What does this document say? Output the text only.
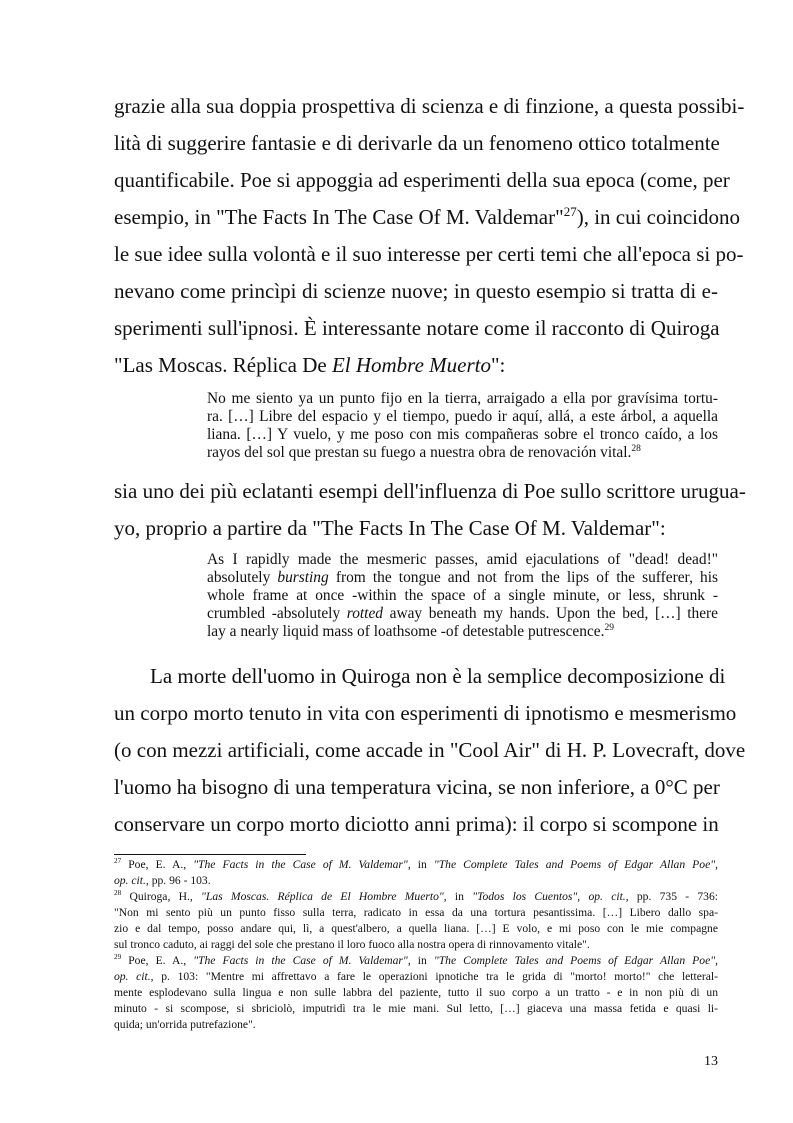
grazie alla sua doppia prospettiva di scienza e di finzione, a questa possibi-
lità di suggerire fantasie e di derivarle da un fenomeno ottico totalmente
quantificabile. Poe si appoggia ad esperimenti della sua epoca (come, per
esempio, in "The Facts In The Case Of M. Valdemar"$^{27}$), in cui coincidono
le sue idee sulla volontà e il suo interesse per certi temi che all'epoca si po-
nevano come princìpi di scienze nuove; in questo esempio si tratta di e-
sperimenti sull'ipnosi. È interessante notare come il racconto di Quiroga
"Las Moscas. Réplica De El Hombre Muerto":
No me siento ya un punto fijo en la tierra, arraigado a ella por gravísima tortu-
ra. […] Libre del espacio y el tiempo, puedo ir aquí, allá, a este árbol, a aquella
liana. […] Y vuelo, y me poso con mis compañeras sobre el tronco caído, a los
rayos del sol que prestan su fuego a nuestra obra de renovación vital.$^{28}$
sia uno dei più eclatanti esempi dell'influenza di Poe sullo scrittore urugua-
yo, proprio a partire da "The Facts In The Case Of M. Valdemar":
As I rapidly made the mesmeric passes, amid ejaculations of "dead! dead!"
absolutely bursting from the tongue and not from the lips of the sufferer, his
whole frame at once -within the space of a single minute, or less, shrunk -
crumbled -absolutely rotted away beneath my hands. Upon the bed, […] there
lay a nearly liquid mass of loathsome -of detestable putrescence.$^{29}$
La morte dell'uomo in Quiroga non è la semplice decomposizione di
un corpo morto tenuto in vita con esperimenti di ipnotismo e mesmerismo
(o con mezzi artificiali, come accade in "Cool Air" di H. P. Lovecraft, dove
l'uomo ha bisogno di una temperatura vicina, se non inferiore, a 0°C per
conservare un corpo morto diciotto anni prima): il corpo si scompone in
$^{27}$ Poe, E. A., "The Facts in the Case of M. Valdemar", in "The Complete Tales and Poems of Edgar Allan Poe",
op. cit., pp. 96 - 103.
$^{28}$ Quiroga, H., "Las Moscas. Réplica de El Hombre Muerto", in "Todos los Cuentos", op. cit., pp. 735 - 736:
"Non mi sento più un punto fisso sulla terra, radicato in essa da una tortura pesantissima. […] Libero dallo spa-
zio e dal tempo, posso andare qui, lì, a quest'albero, a quella liana. […] E volo, e mi poso con le mie compagne
sul tronco caduto, ai raggi del sole che prestano il loro fuoco alla nostra opera di rinnovamento vitale".
$^{29}$ Poe, E. A., "The Facts in the Case of M. Valdemar", in "The Complete Tales and Poems of Edgar Allan Poe",
op. cit., p. 103: "Mentre mi affrettavo a fare le operazioni ipnotiche tra le grida di "morto! morto!" che letteral-
mente esplodevano sulla lingua e non sulle labbra del paziente, tutto il suo corpo a un tratto - e in non più di un
minuto - si scompose, si sbriciolò, imputridì tra le mie mani. Sul letto, […] giaceva una massa fetida e quasi li-
quida; un'orrida putrefazione".
13
